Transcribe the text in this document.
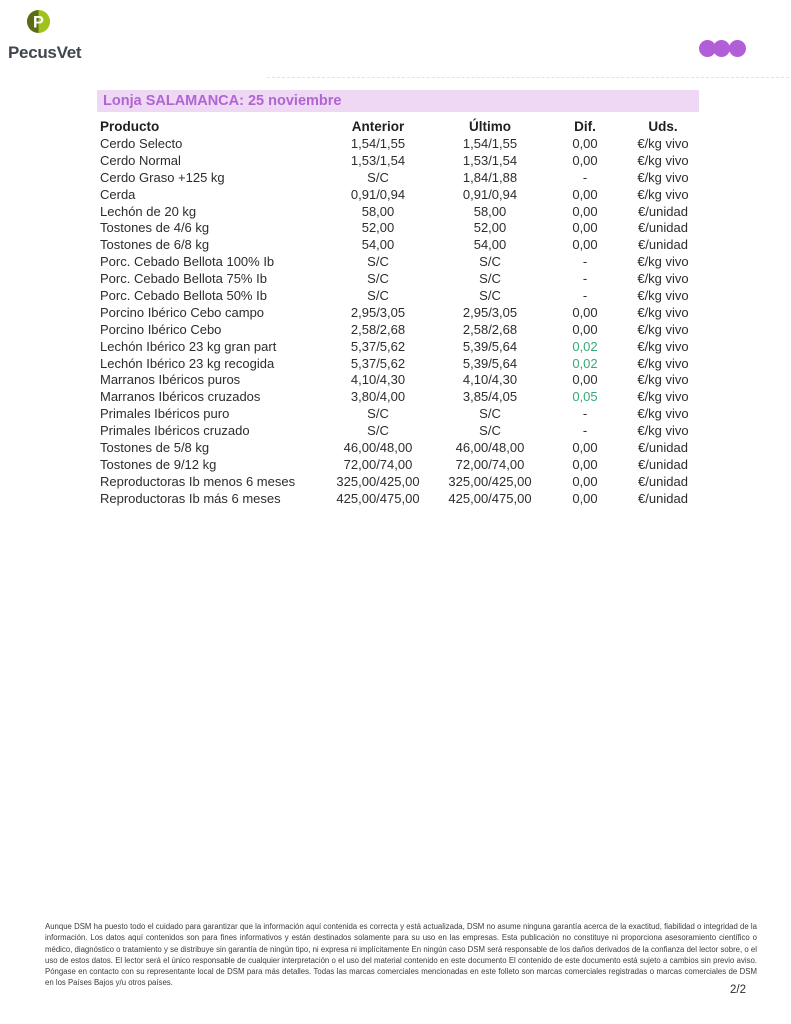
P
PecusVet
Lonja SALAMANCA: 25 noviembre
Producto	Anterior	Último	Dif.	Uds.
Cerdo Selecto	1,54/1,55	1,54/1,55	0,00	€/kg vivo
Cerdo Normal	1,53/1,54	1,53/1,54	0,00	€/kg vivo
Cerdo Graso +125 kg	S/C	1,84/1,88	-	€/kg vivo
Cerda	0,91/0,94	0,91/0,94	0,00	€/kg vivo
Lechón de 20 kg	58,00	58,00	0,00	€/unidad
Tostones de 4/6 kg	52,00	52,00	0,00	€/unidad
Tostones de 6/8 kg	54,00	54,00	0,00	€/unidad
Porc. Cebado Bellota 100% Ib	S/C	S/C	-	€/kg vivo
Porc. Cebado Bellota 75% Ib	S/C	S/C	-	€/kg vivo
Porc. Cebado Bellota 50% Ib	S/C	S/C	-	€/kg vivo
Porcino Ibérico Cebo campo	2,95/3,05	2,95/3,05	0,00	€/kg vivo
Porcino Ibérico Cebo	2,58/2,68	2,58/2,68	0,00	€/kg vivo
Lechón Ibérico 23 kg gran part	5,37/5,62	5,39/5,64	0,02	€/kg vivo
Lechón Ibérico 23 kg recogida	5,37/5,62	5,39/5,64	0,02	€/kg vivo
Marranos Ibéricos puros	4,10/4,30	4,10/4,30	0,00	€/kg vivo
Marranos Ibéricos cruzados	3,80/4,00	3,85/4,05	0,05	€/kg vivo
Primales Ibéricos puro	S/C	S/C	-	€/kg vivo
Primales Ibéricos cruzado	S/C	S/C	-	€/kg vivo
Tostones de 5/8 kg	46,00/48,00	46,00/48,00	0,00	€/unidad
Tostones de 9/12 kg	72,00/74,00	72,00/74,00	0,00	€/unidad
Reproductoras Ib menos 6 meses	325,00/425,00	325,00/425,00	0,00	€/unidad
Reproductoras Ib más 6 meses	425,00/475,00	425,00/475,00	0,00	€/unidad

Aunque DSM ha puesto todo el cuidado para garantizar que la información aquí contenida es correcta y está actualizada, DSM no asume ninguna garantía acerca de la exactitud, fiabilidad o integridad de la información. Los datos aquí contenidos son para fines informativos y están destinados solamente para su uso en las empresas. Esta publicación no constituye ni proporciona asesoramiento científico o médico, diagnóstico o tratamiento y se distribuye sin garantía de ningún tipo, ni expresa ni implícitamente En ningún caso DSM será responsable de los daños derivados de la confianza del lector sobre, o el uso de estos datos. El lector será el único responsable de cualquier interpretación o el uso del material contenido en este documento El contenido de este documento está sujeto a cambios sin previo aviso. Póngase en contacto con su representante local de DSM para más detalles. Todas las marcas comerciales mencionadas en este folleto son marcas comerciales registradas o marcas comerciales de DSM en los Países Bajos y/u otros países.

2/2
